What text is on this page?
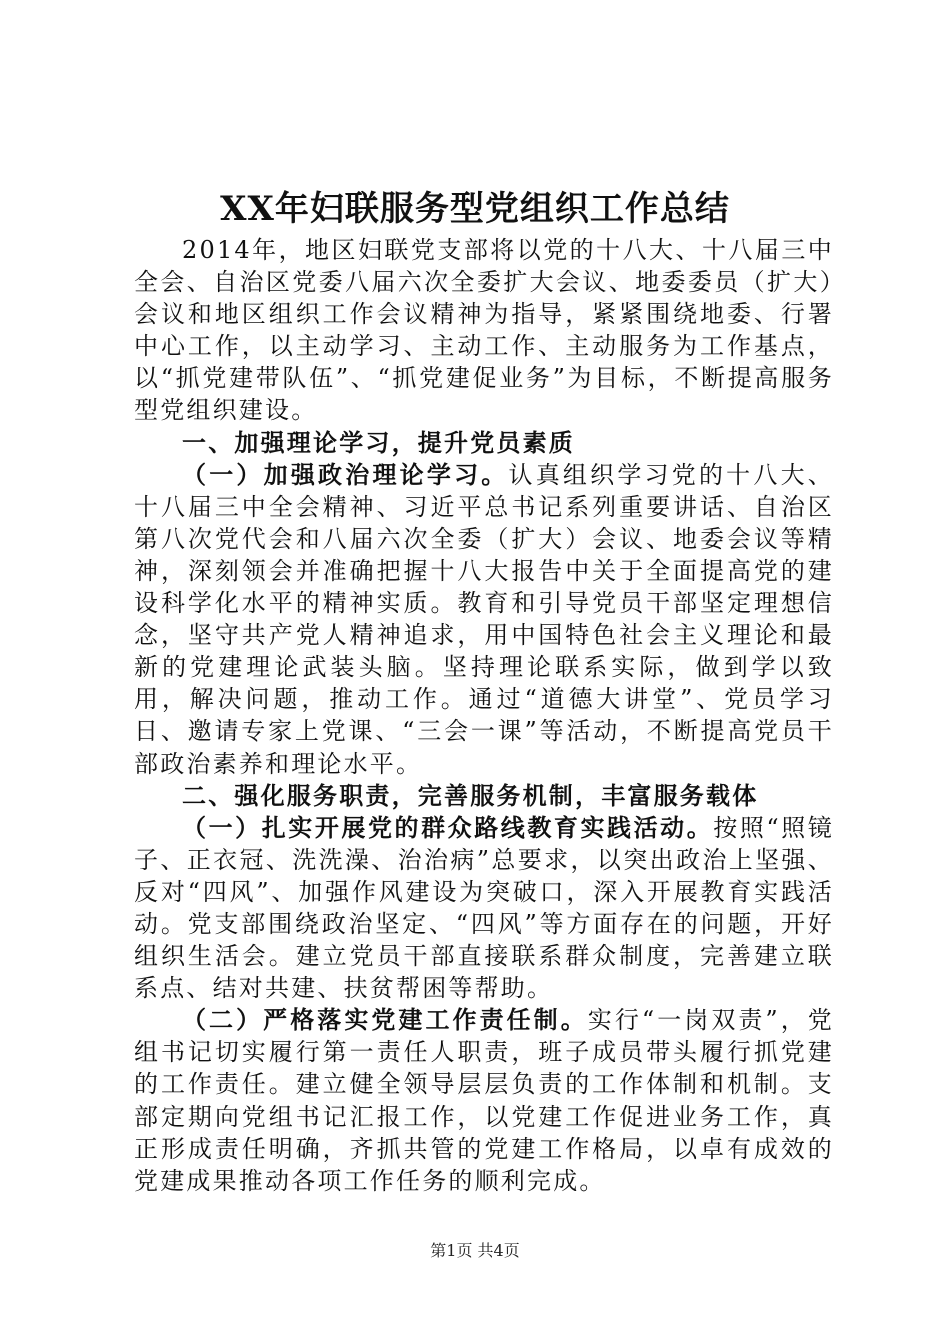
XX年妇联服务型党组织工作总结

2014年，地区妇联党支部将以党的十八大、十八届三中全会、自治区党委八届六次全委扩大会议、地委委员（扩大）会议和地区组织工作会议精神为指导，紧紧围绕地委、行署中心工作，以主动学习、主动工作、主动服务为工作基点，以“抓党建带队伍”、“抓党建促业务”为目标，不断提高服务型党组织建设。

一、加强理论学习，提升党员素质

（一）加强政治理论学习。认真组织学习党的十八大、十八届三中全会精神、习近平总书记系列重要讲话、自治区第八次党代会和八届六次全委（扩大）会议、地委会议等精神，深刻领会并准确把握十八大报告中关于全面提高党的建设科学化水平的精神实质。教育和引导党员干部坚定理想信念，坚守共产党人精神追求，用中国特色社会主义理论和最新的党建理论武装头脑。坚持理论联系实际，做到学以致用，解决问题，推动工作。通过“道德大讲堂”、党员学习日、邀请专家上党课、“三会一课”等活动，不断提高党员干部政治素养和理论水平。

二、强化服务职责，完善服务机制，丰富服务载体

（一）扎实开展党的群众路线教育实践活动。按照“照镜子、正衣冠、洗洗澡、治治病”总要求，以突出政治上坚强、反对“四风”、加强作风建设为突破口，深入开展教育实践活动。党支部围绕政治坚定、“四风”等方面存在的问题，开好组织生活会。建立党员干部直接联系群众制度，完善建立联系点、结对共建、扶贫帮困等帮助。

（二）严格落实党建工作责任制。实行“一岗双责”，党组书记切实履行第一责任人职责，班子成员带头履行抓党建的工作责任。建立健全领导层层负责的工作体制和机制。支部定期向党组书记汇报工作，以党建工作促进业务工作，真正形成责任明确，齐抓共管的党建工作格局，以卓有成效的党建成果推动各项工作任务的顺利完成。

第1页 共4页
